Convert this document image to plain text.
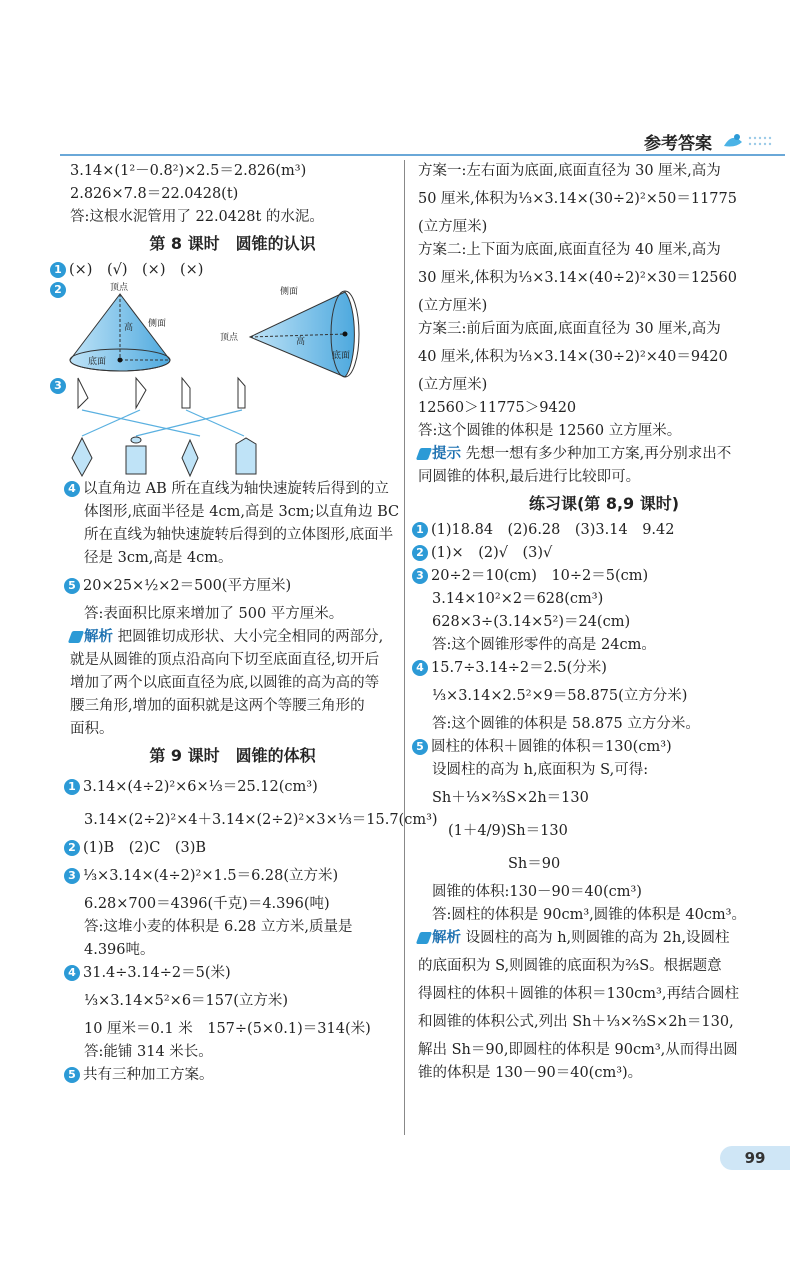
参考答案
3.14×(1²－0.8²)×2.5＝2.826(m³)
2.826×7.8＝22.0428(t)
答:这根水泥管用了 22.0428t 的水泥。
第 8 课时　圆锥的认识
1 (×)　(√)　(×)　(×)
2	顶点
侧面
高
底面
顶点
侧面
高
底面
3
4 以直角边 AB 所在直线为轴快速旋转后得到的立
体图形,底面半径是 4cm,高是 3cm;以直角边 BC
所在直线为轴快速旋转后得到的立体图形,底面半
径是 3cm,高是 4cm。
5 20×25×½×2＝500(平方厘米)
答:表面积比原来增加了 500 平方厘米。
解析 把圆锥切成形状、大小完全相同的两部分,
就是从圆锥的顶点沿高向下切至底面直径,切开后
增加了两个以底面直径为底,以圆锥的高为高的等
腰三角形,增加的面积就是这两个等腰三角形的
面积。
第 9 课时　圆锥的体积
1 3.14×(4÷2)²×6×⅓＝25.12(cm³)
3.14×(2÷2)²×4＋3.14×(2÷2)²×3×⅓＝15.7(cm³)
2 (1)B　(2)C　(3)B
3 ⅓×3.14×(4÷2)²×1.5＝6.28(立方米)
6.28×700＝4396(千克)＝4.396(吨)
答:这堆小麦的体积是 6.28 立方米,质量是
4.396吨。
4 31.4÷3.14÷2＝5(米)
⅓×3.14×5²×6＝157(立方米)
10 厘米＝0.1 米　157÷(5×0.1)＝314(米)
答:能铺 314 米长。
5 共有三种加工方案。
方案一:左右面为底面,底面直径为 30 厘米,高为
50 厘米,体积为⅓×3.14×(30÷2)²×50＝11775
(立方厘米)
方案二:上下面为底面,底面直径为 40 厘米,高为
30 厘米,体积为⅓×3.14×(40÷2)²×30＝12560
(立方厘米)
方案三:前后面为底面,底面直径为 30 厘米,高为
40 厘米,体积为⅓×3.14×(30÷2)²×40＝9420
(立方厘米)
12560＞11775＞9420
答:这个圆锥的体积是 12560 立方厘米。
提示 先想一想有多少种加工方案,再分别求出不
同圆锥的体积,最后进行比较即可。
练习课(第 8,9 课时)
1 (1)18.84　(2)6.28　(3)3.14　9.42
2 (1)×　(2)√　(3)√
3 20÷2＝10(cm)　10÷2＝5(cm)
3.14×10²×2＝628(cm³)
628×3÷(3.14×5²)＝24(cm)
答:这个圆锥形零件的高是 24cm。
4 15.7÷3.14÷2＝2.5(分米)
⅓×3.14×2.5²×9＝58.875(立方分米)
答:这个圆锥的体积是 58.875 立方分米。
5 圆柱的体积＋圆锥的体积＝130(cm³)
设圆柱的高为 h,底面积为 S,可得:
Sh＋⅓×⅔S×2h＝130
(1＋4/9)Sh＝130
Sh＝90
圆锥的体积:130－90＝40(cm³)
答:圆柱的体积是 90cm³,圆锥的体积是 40cm³。
解析 设圆柱的高为 h,则圆锥的高为 2h,设圆柱
的底面积为 S,则圆锥的底面积为⅔S。根据题意
得圆柱的体积＋圆锥的体积＝130cm³,再结合圆柱
和圆锥的体积公式,列出 Sh＋⅓×⅔S×2h＝130,
解出 Sh＝90,即圆柱的体积是 90cm³,从而得出圆
锥的体积是 130－90＝40(cm³)。
99
